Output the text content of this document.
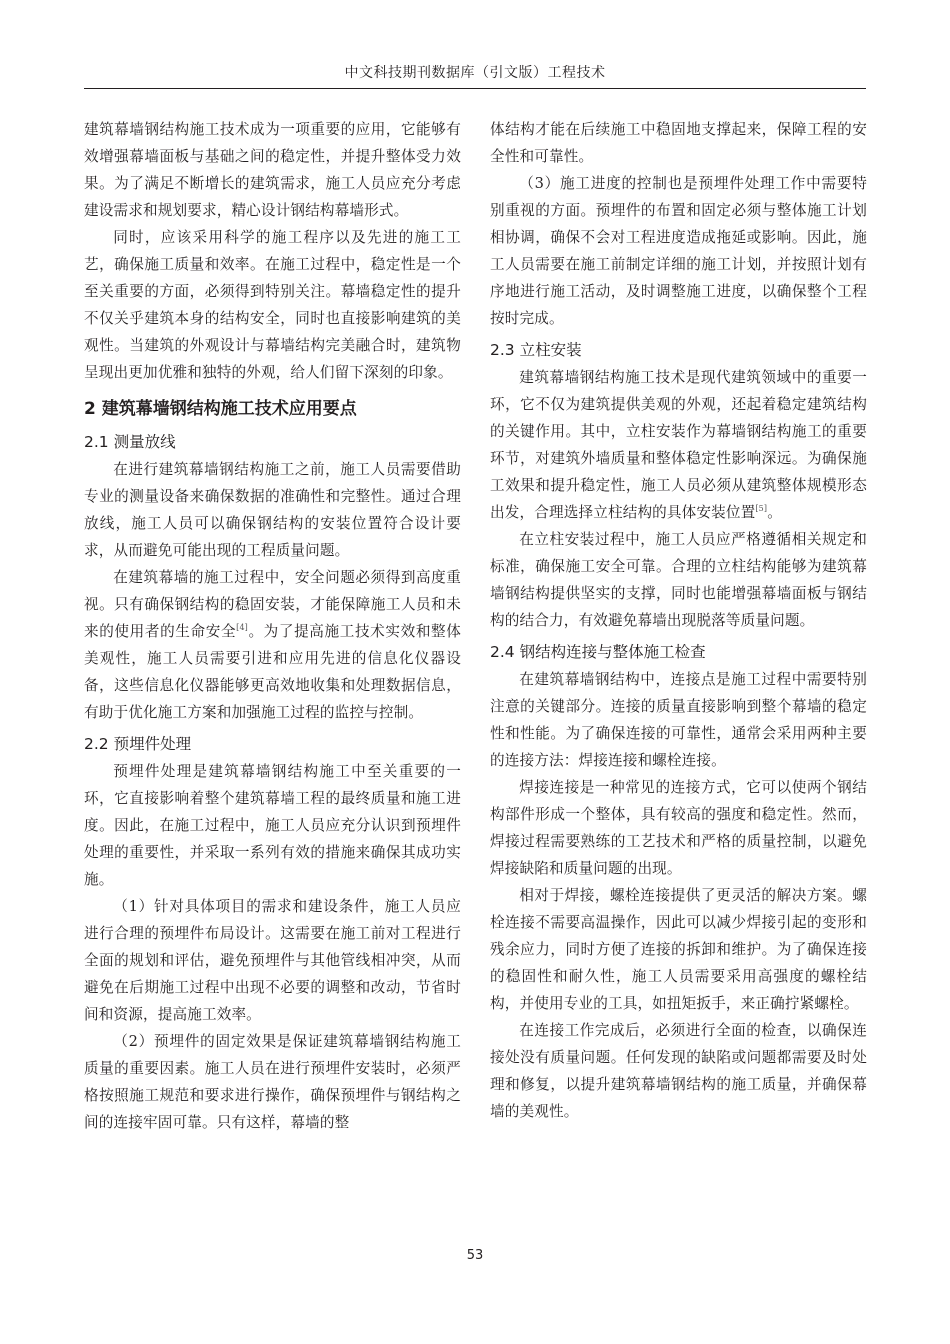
中文科技期刊数据库（引文版）工程技术

建筑幕墙钢结构施工技术成为一项重要的应用，它能够有效增强幕墙面板与基础之间的稳定性，并提升整体受力效果。为了满足不断增长的建筑需求，施工人员应充分考虑建设需求和规划要求，精心设计钢结构幕墙形式。

同时，应该采用科学的施工程序以及先进的施工工艺，确保施工质量和效率。在施工过程中，稳定性是一个至关重要的方面，必须得到特别关注。幕墙稳定性的提升不仅关乎建筑本身的结构安全，同时也直接影响建筑的美观性。当建筑的外观设计与幕墙结构完美融合时，建筑物呈现出更加优雅和独特的外观，给人们留下深刻的印象。

2 建筑幕墙钢结构施工技术应用要点
2.1 测量放线

在进行建筑幕墙钢结构施工之前，施工人员需要借助专业的测量设备来确保数据的准确性和完整性。通过合理放线，施工人员可以确保钢结构的安装位置符合设计要求，从而避免可能出现的工程质量问题。

在建筑幕墙的施工过程中，安全问题必须得到高度重视。只有确保钢结构的稳固安装，才能保障施工人员和未来的使用者的生命安全[4]。为了提高施工技术实效和整体美观性，施工人员需要引进和应用先进的信息化仪器设备，这些信息化仪器能够更高效地收集和处理数据信息，有助于优化施工方案和加强施工过程的监控与控制。

2.2 预埋件处理

预埋件处理是建筑幕墙钢结构施工中至关重要的一环，它直接影响着整个建筑幕墙工程的最终质量和施工进度。因此，在施工过程中，施工人员应充分认识到预埋件处理的重要性，并采取一系列有效的措施来确保其成功实施。

（1）针对具体项目的需求和建设条件，施工人员应进行合理的预埋件布局设计。这需要在施工前对工程进行全面的规划和评估，避免预埋件与其他管线相冲突，从而避免在后期施工过程中出现不必要的调整和改动，节省时间和资源，提高施工效率。

（2）预埋件的固定效果是保证建筑幕墙钢结构施工质量的重要因素。施工人员在进行预埋件安装时，必须严格按照施工规范和要求进行操作，确保预埋件与钢结构之间的连接牢固可靠。只有这样，幕墙的整

体结构才能在后续施工中稳固地支撑起来，保障工程的安全性和可靠性。

（3）施工进度的控制也是预埋件处理工作中需要特别重视的方面。预埋件的布置和固定必须与整体施工计划相协调，确保不会对工程进度造成拖延或影响。因此，施工人员需要在施工前制定详细的施工计划，并按照计划有序地进行施工活动，及时调整施工进度，以确保整个工程按时完成。

2.3 立柱安装

建筑幕墙钢结构施工技术是现代建筑领域中的重要一环，它不仅为建筑提供美观的外观，还起着稳定建筑结构的关键作用。其中，立柱安装作为幕墙钢结构施工的重要环节，对建筑外墙质量和整体稳定性影响深远。为确保施工效果和提升稳定性，施工人员必须从建筑整体规模形态出发，合理选择立柱结构的具体安装位置[5]。

在立柱安装过程中，施工人员应严格遵循相关规定和标准，确保施工安全可靠。合理的立柱结构能够为建筑幕墙钢结构提供坚实的支撑，同时也能增强幕墙面板与钢结构的结合力，有效避免幕墙出现脱落等质量问题。

2.4 钢结构连接与整体施工检查

在建筑幕墙钢结构中，连接点是施工过程中需要特别注意的关键部分。连接的质量直接影响到整个幕墙的稳定性和性能。为了确保连接的可靠性，通常会采用两种主要的连接方法：焊接连接和螺栓连接。

焊接连接是一种常见的连接方式，它可以使两个钢结构部件形成一个整体，具有较高的强度和稳定性。然而，焊接过程需要熟练的工艺技术和严格的质量控制，以避免焊接缺陷和质量问题的出现。

相对于焊接，螺栓连接提供了更灵活的解决方案。螺栓连接不需要高温操作，因此可以减少焊接引起的变形和残余应力，同时方便了连接的拆卸和维护。为了确保连接的稳固性和耐久性，施工人员需要采用高强度的螺栓结构，并使用专业的工具，如扭矩扳手，来正确拧紧螺栓。

在连接工作完成后，必须进行全面的检查，以确保连接处没有质量问题。任何发现的缺陷或问题都需要及时处理和修复，以提升建筑幕墙钢结构的施工质量，并确保幕墙的美观性。

53
